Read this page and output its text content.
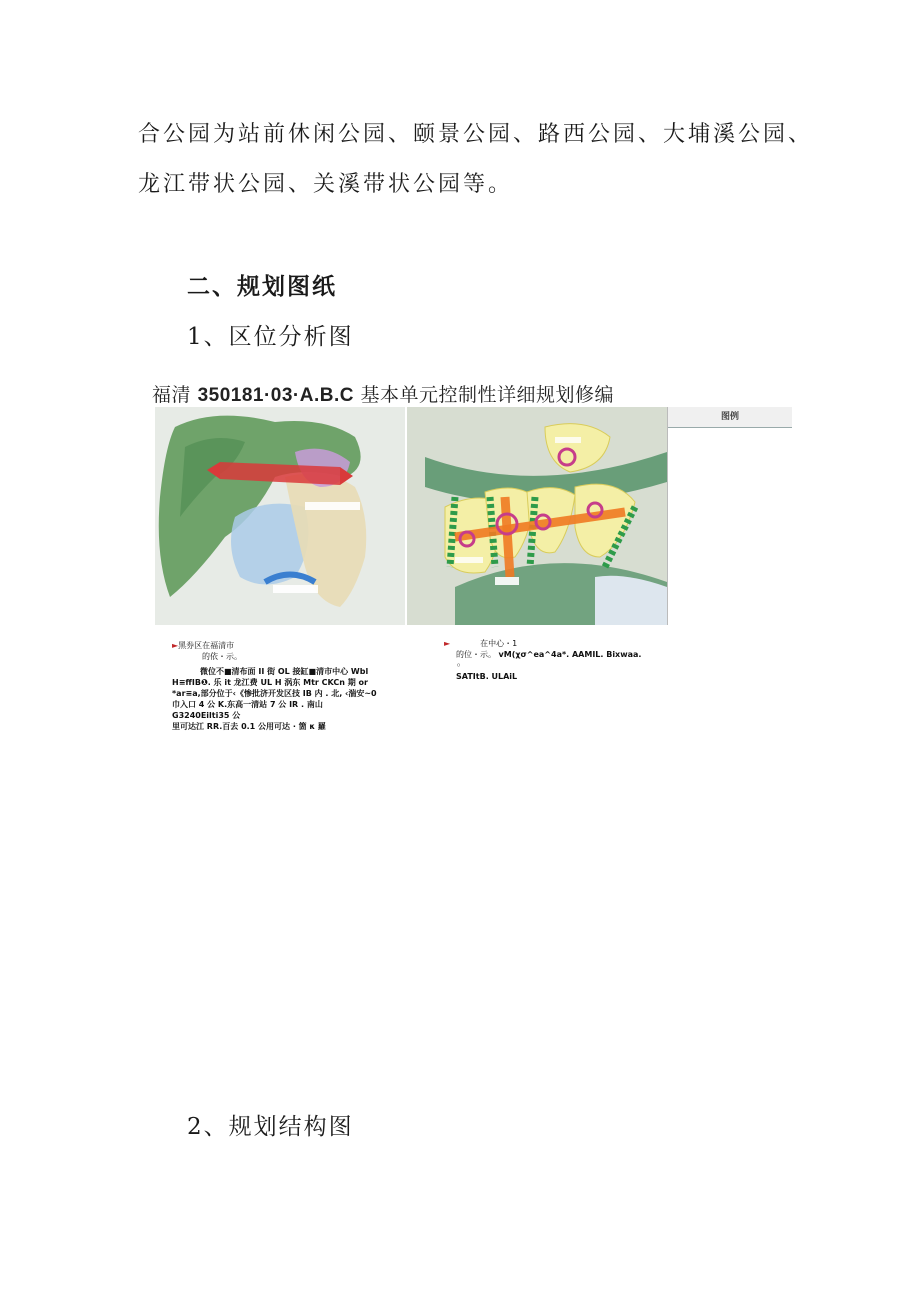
合公园为站前休闲公园、颐景公园、路西公园、大埔溪公园、
龙江带状公园、关溪带状公园等。
二、规划图纸
1、区位分析图
福清 350181·03·A.B.C 基本单元控制性详细规划修编
图例
►黑券区在福清市
的依・示。
微位不■清布面 II 街 OL 接缸■清市中心 Wbl
H≡ffIB❶. 乐 it 龙江费 UL H 涡东 Mtr CKCn 期 or
*ar≡a,部分位于‹《惨批济开发区技 IB 内 . 北, ‹湍安~0
巾入口 4 公 K.东高一清站 7 公 IR . 南山 G3240Eilti35 公
里可达江 RR.百去 0.1 公用可达 · 箇 κ 羅
►	在中心・1
的位・示。 vM(χσ^ea^4a*. AAMIL. Bixwaa. ◦
SATItB. ULAiL
2、规划结构图
